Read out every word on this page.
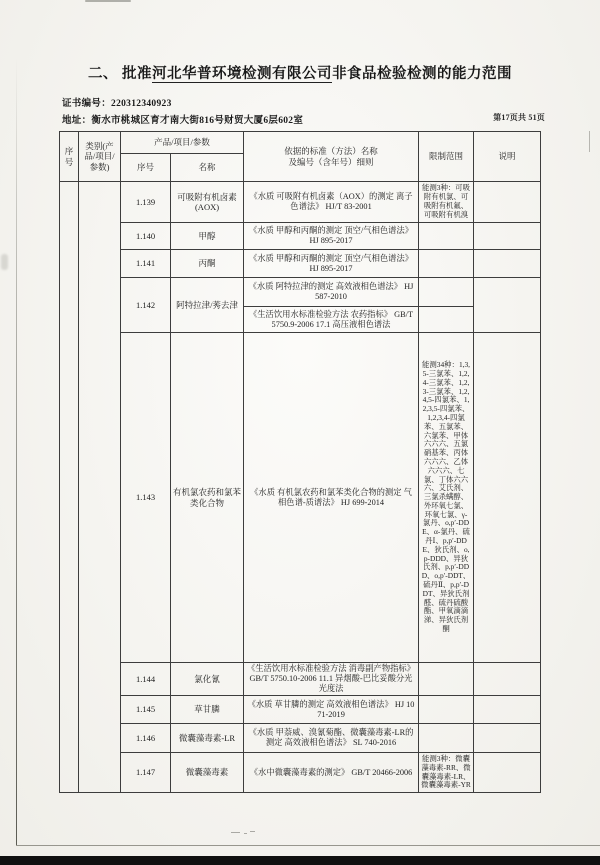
二、 批准河北华普环境检测有限公司非食品检验检测的能力范围
证书编号：220312340923
地址：衡水市桃城区育才南大街816号财贸大厦6层602室	第17页共 51页
序号	类别(产品/项目/参数)	产品/项目/参数		依据的标准（方法）名称
及编号（含年号）细则	限制范围	说明
		序号	名称			
		1.139	可吸附有机卤素 (AOX)	《水质 可吸附有机卤素（AOX）的测定 离子色谱法》 HJ/T 83-2001	能测3种：可吸附有机氯、可吸附有机氟、可吸附有机溴	
		1.140	甲醇	《水质 甲醇和丙酮的测定 顶空/气相色谱法》 HJ 895-2017		
		1.141	丙酮	《水质 甲醇和丙酮的测定 顶空/气相色谱法》 HJ 895-2017		
		1.142	阿特拉津/莠去津	《水质 阿特拉津的测定 高效液相色谱法》 HJ 587-2010		
				《生活饮用水标准检验方法 农药指标》 GB/T 5750.9-2006 17.1 高压液相色谱法		
		1.143	有机氯农药和氯苯类化合物	《水质 有机氯农药和氯苯类化合物的测定 气相色谱-质谱法》 HJ 699-2014	能测34种：1,3,5-三氯苯、1,2,4-三氯苯、1,2,3-三氯苯、1,2,4,5-四氯苯、1,2,3,5-四氯苯、1,2,3,4-四氯苯、五氯苯、六氯苯、甲体六六六、五氯硝基苯、丙体六六六、乙体六六六、七氯、丁体六六六、艾氏剂、三氯杀螨醇、外环氧七氯、环氧七氯、γ-氯丹、o,p′-DDE、α-氯丹、硫丹Ⅰ、p,p′-DDE、狄氏剂、o,p-DDD、异狄氏剂、p,p′-DDD、o,p′-DDT、硫丹Ⅱ、p,p′-DDT、异狄氏剂醛、硫丹硫酸酯、甲氧滴滴涕、异狄氏剂酮	
		1.144	氯化氰	《生活饮用水标准检验方法 消毒副产物指标》 GB/T 5750.10-2006 11.1 异烟酸-巴比妥酸分光光度法		
		1.145	草甘膦	《水质 草甘膦的测定 高效液相色谱法》 HJ 1071-2019		
		1.146	微囊藻毒素-LR	《水质 甲萘威、溴氰菊酯、微囊藻毒素-LR的测定 高效液相色谱法》 SL 740-2016		
		1.147	微囊藻毒素	《水中微囊藻毒素的测定》 GB/T 20466-2006	能测3种：微囊藻毒素-RR、微囊藻毒素-LR、微囊藻毒素-YR	
